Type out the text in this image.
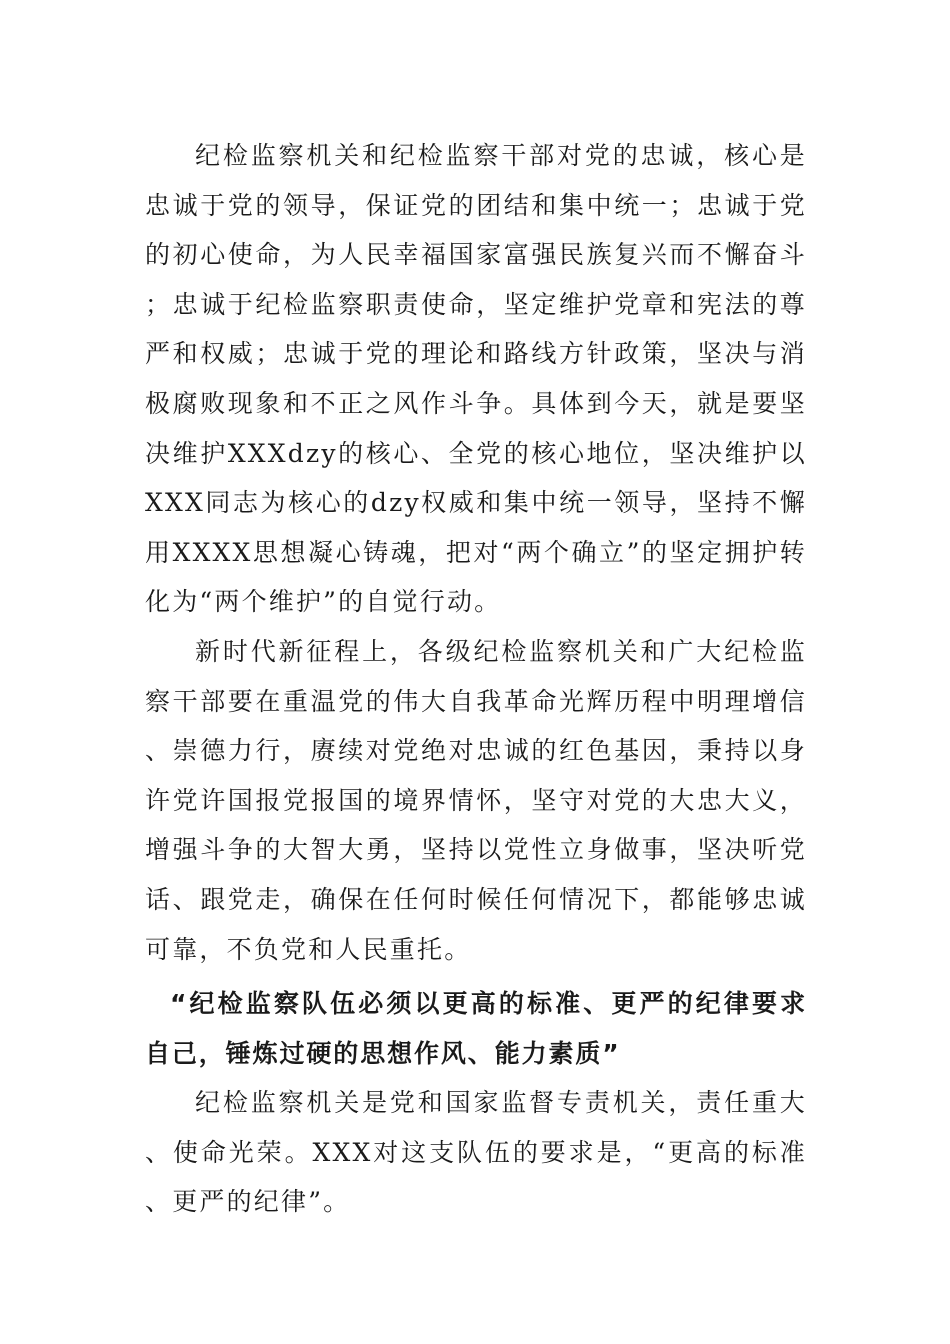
纪检监察机关和纪检监察干部对党的忠诚，核心是忠诚于党的领导，保证党的团结和集中统一；忠诚于党的初心使命，为人民幸福国家富强民族复兴而不懈奋斗；忠诚于纪检监察职责使命，坚定维护党章和宪法的尊严和权威；忠诚于党的理论和路线方针政策，坚决与消极腐败现象和不正之风作斗争。具体到今天，就是要坚决维护XXXdzy的核心、全党的核心地位，坚决维护以XXX同志为核心的dzy权威和集中统一领导，坚持不懈用XXXX思想凝心铸魂，把对“两个确立”的坚定拥护转化为“两个维护”的自觉行动。

新时代新征程上，各级纪检监察机关和广大纪检监察干部要在重温党的伟大自我革命光辉历程中明理增信、崇德力行，赓续对党绝对忠诚的红色基因，秉持以身许党许国报党报国的境界情怀，坚守对党的大忠大义，增强斗争的大智大勇，坚持以党性立身做事，坚决听党话、跟党走，确保在任何时候任何情况下，都能够忠诚可靠，不负党和人民重托。

“纪检监察队伍必须以更高的标准、更严的纪律要求自己，锤炼过硬的思想作风、能力素质”

纪检监察机关是党和国家监督专责机关，责任重大、使命光荣。XXX对这支队伍的要求是，“更高的标准、更严的纪律”。
